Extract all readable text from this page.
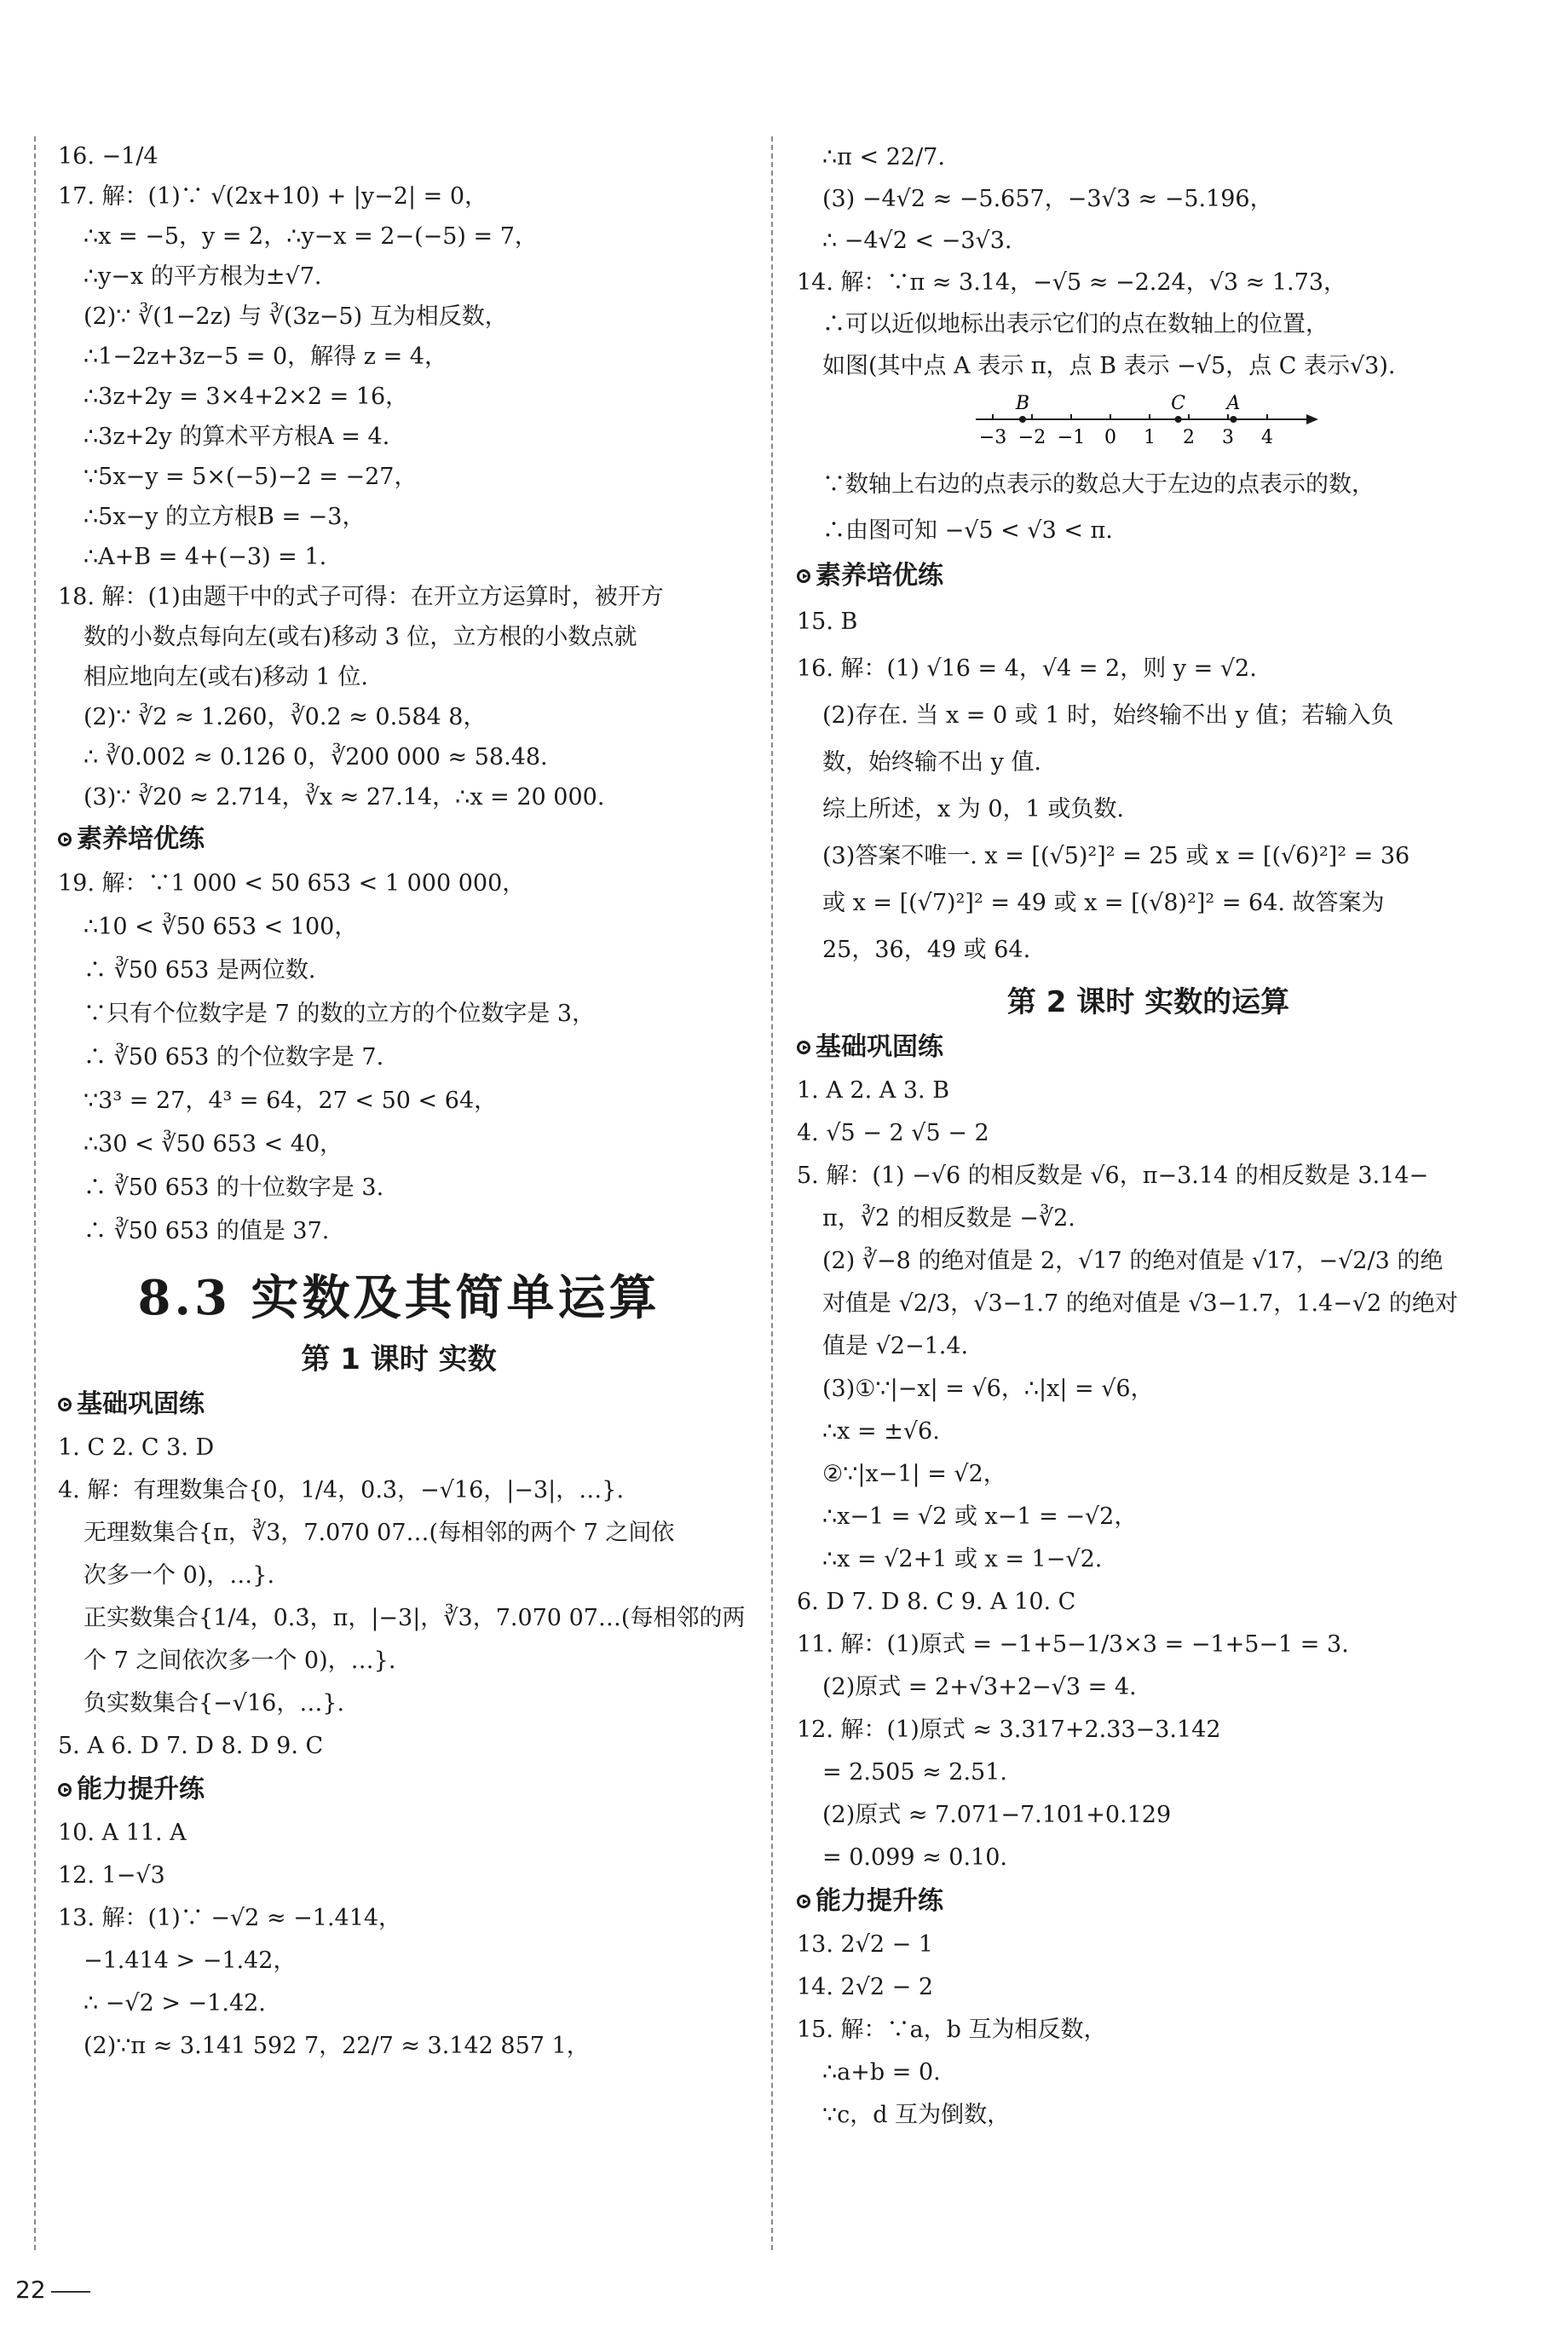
16. −1/4
17. 解：(1)∵ √(2x+10) + |y−2| = 0，
∴x = −5，y = 2，∴y−x = 2−(−5) = 7，
∴y−x 的平方根为±√7.
(2)∵ ∛(1−2z) 与 ∛(3z−5) 互为相反数，
∴1−2z+3z−5 = 0，解得 z = 4，
∴3z+2y = 3×4+2×2 = 16，
∴3z+2y 的算术平方根A = 4.
∵5x−y = 5×(−5)−2 = −27，
∴5x−y 的立方根B = −3，
∴A+B = 4+(−3) = 1.
18. 解：(1)由题干中的式子可得：在开立方运算时，被开方
数的小数点每向左(或右)移动 3 位，立方根的小数点就
相应地向左(或右)移动 1 位.
(2)∵ ∛2 ≈ 1.260，∛0.2 ≈ 0.584 8，
∴ ∛0.002 ≈ 0.126 0，∛200 000 ≈ 58.48.
(3)∵ ∛20 ≈ 2.714，∛x ≈ 27.14，∴x = 20 000.
素养培优练
19. 解：∵1 000 < 50 653 < 1 000 000，
∴10 < ∛50 653 < 100，
∴ ∛50 653 是两位数.
∵只有个位数字是 7 的数的立方的个位数字是 3，
∴ ∛50 653 的个位数字是 7.
∵3³ = 27，4³ = 64，27 < 50 < 64，
∴30 < ∛50 653 < 40，
∴ ∛50 653 的十位数字是 3.
∴ ∛50 653 的值是 37.
8.3 实数及其简单运算
第 1 课时 实数
基础巩固练
1. C 2. C 3. D
4. 解：有理数集合{0，1/4，0.3̇，−√16，|−3|，…}.
无理数集合{π，∛3，7.070 07…(每相邻的两个 7 之间依
次多一个 0)，…}.
正实数集合{1/4，0.3̇，π，|−3|，∛3，7.070 07…(每相邻的两
个 7 之间依次多一个 0)，…}.
负实数集合{−√16，…}.
5. A 6. D 7. D 8. D 9. C
能力提升练
10. A 11. A
12. 1−√3
13. 解：(1)∵ −√2 ≈ −1.414，
−1.414 > −1.42，
∴ −√2 > −1.42.
(2)∵π ≈ 3.141 592 7，22/7 ≈ 3.142 857 1，
∴π < 22/7.
(3) −4√2 ≈ −5.657，−3√3 ≈ −5.196，
∴ −4√2 < −3√3.
14. 解：∵π ≈ 3.14，−√5 ≈ −2.24，√3 ≈ 1.73，
∴可以近似地标出表示它们的点在数轴上的位置，
如图(其中点 A 表示 π，点 B 表示 −√5，点 C 表示√3).
−3 −2 −1 0 1 2 3 4
B	C A
∵数轴上右边的点表示的数总大于左边的点表示的数，
∴由图可知 −√5 < √3 < π.
素养培优练
15. B
16. 解：(1) √16 = 4，√4 = 2，则 y = √2.
(2)存在. 当 x = 0 或 1 时，始终输不出 y 值；若输入负
数，始终输不出 y 值.
综上所述，x 为 0，1 或负数.
(3)答案不唯一. x = [(√5)²]² = 25 或 x = [(√6)²]² = 36
或 x = [(√7)²]² = 49 或 x = [(√8)²]² = 64. 故答案为
25，36，49 或 64.
第 2 课时 实数的运算
基础巩固练
1. A 2. A 3. B
4. √5 − 2 √5 − 2
5. 解：(1) −√6 的相反数是 √6，π−3.14 的相反数是 3.14−
π，∛2 的相反数是 −∛2.
(2) ∛−8 的绝对值是 2，√17 的绝对值是 √17，−√2/3 的绝
对值是 √2/3，√3−1.7 的绝对值是 √3−1.7，1.4−√2 的绝对
值是 √2−1.4.
(3)①∵|−x| = √6，∴|x| = √6，
∴x = ±√6.
②∵|x−1| = √2，
∴x−1 = √2 或 x−1 = −√2，
∴x = √2+1 或 x = 1−√2.
6. D 7. D 8. C 9. A 10. C
11. 解：(1)原式 = −1+5−1/3×3 = −1+5−1 = 3.
(2)原式 = 2+√3+2−√3 = 4.
12. 解：(1)原式 ≈ 3.317+2.33−3.142
= 2.505 ≈ 2.51.
(2)原式 ≈ 7.071−7.101+0.129
= 0.099 ≈ 0.10.
能力提升练
13. 2√2 − 1
14. 2√2 − 2
15. 解：∵a，b 互为相反数，
∴a+b = 0.
∵c，d 互为倒数，
22
